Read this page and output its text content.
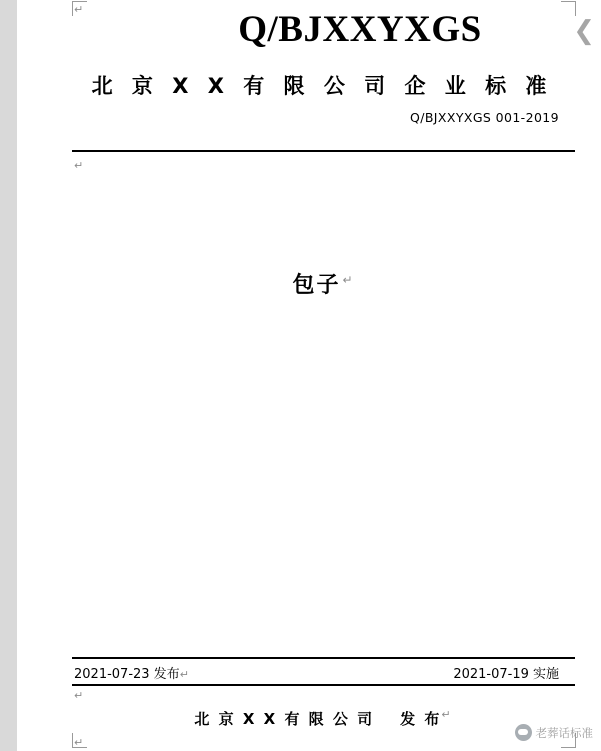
↵	Q/BJXXYXGS
北 京 X X 有 限 公 司 企 业 标 准
Q/BJXXYXGS 001-2019
↵
包子 ↵
2021-07-23 发布↵	2021-07-19 实施
↵
北 京 X X 有 限 公 司 发 布↵
↵
❮
老葬话标准
